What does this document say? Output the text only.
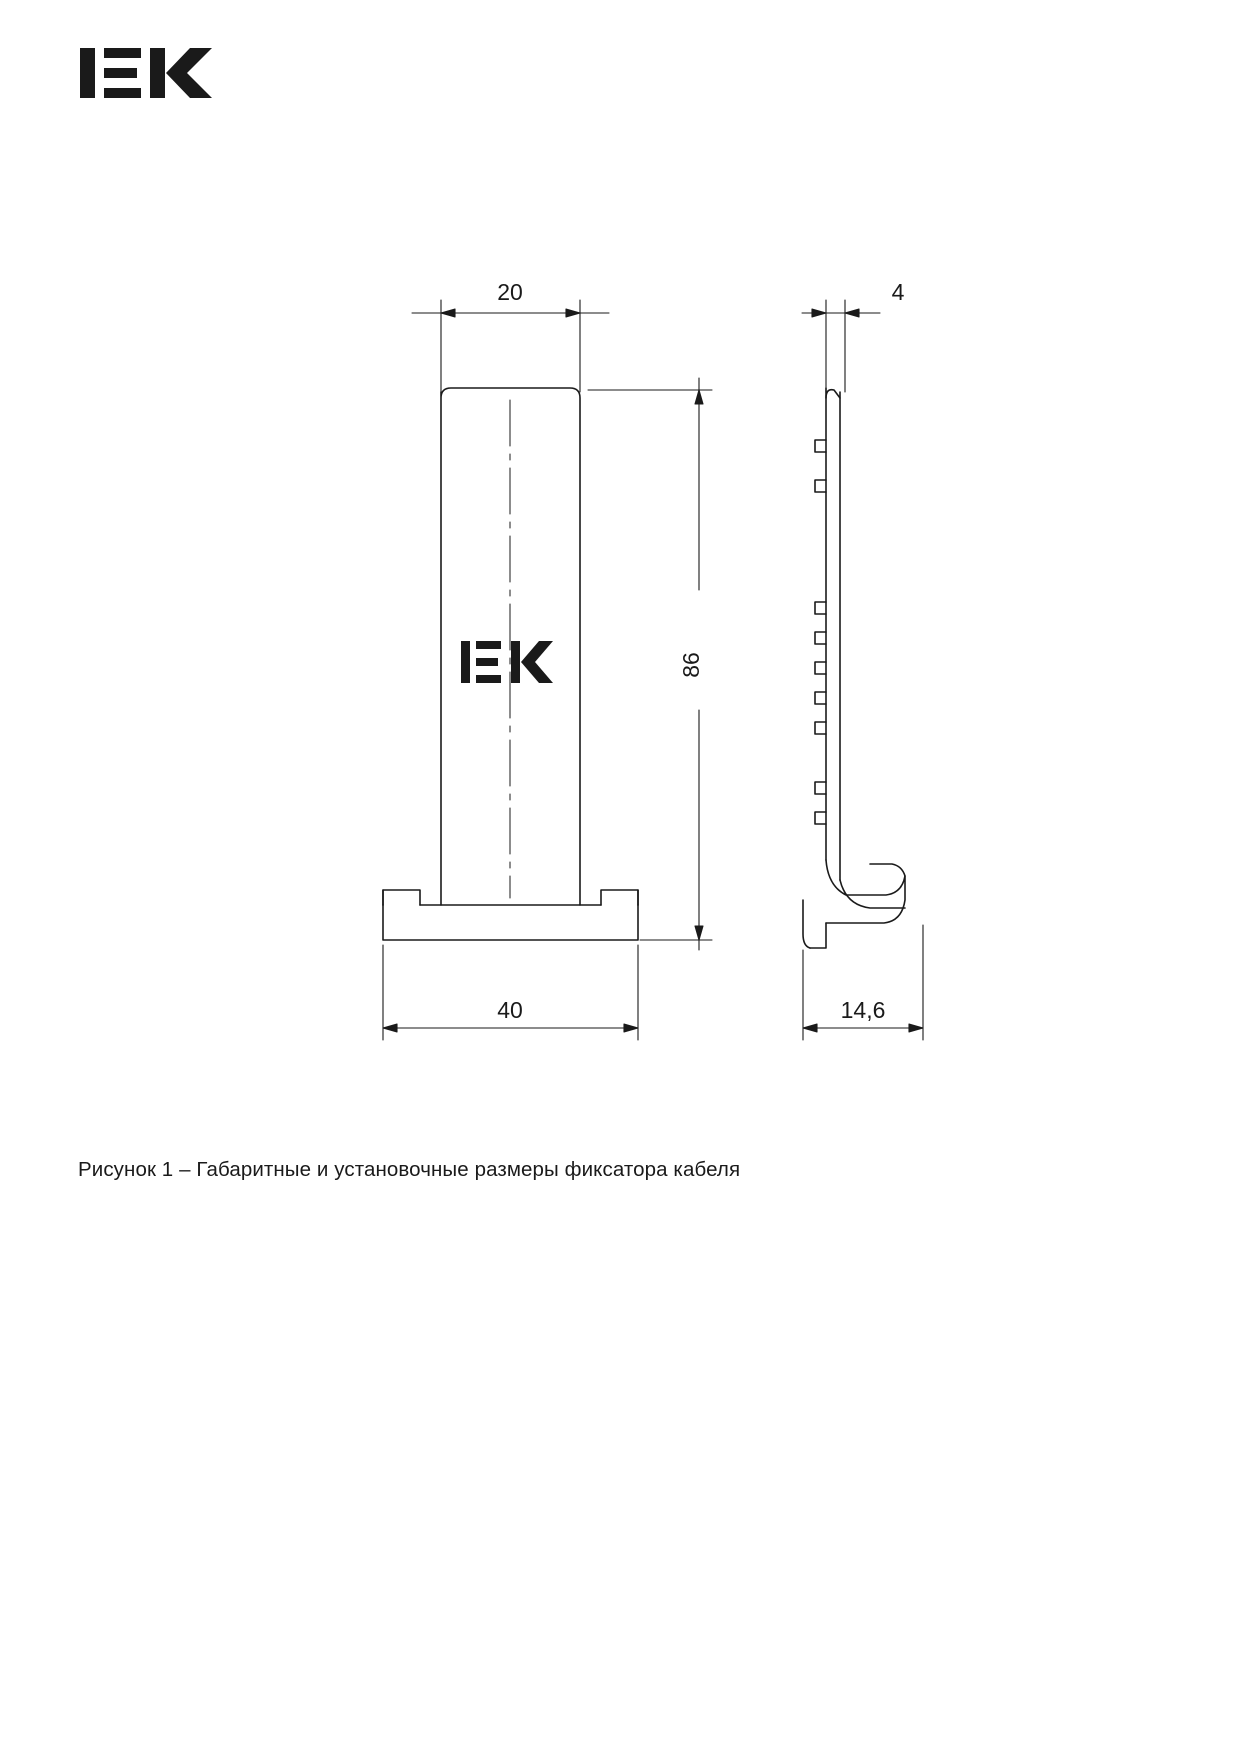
20
86
40
4
14,6
Рисунок 1 – Габаритные и установочные размеры фиксатора кабеля
